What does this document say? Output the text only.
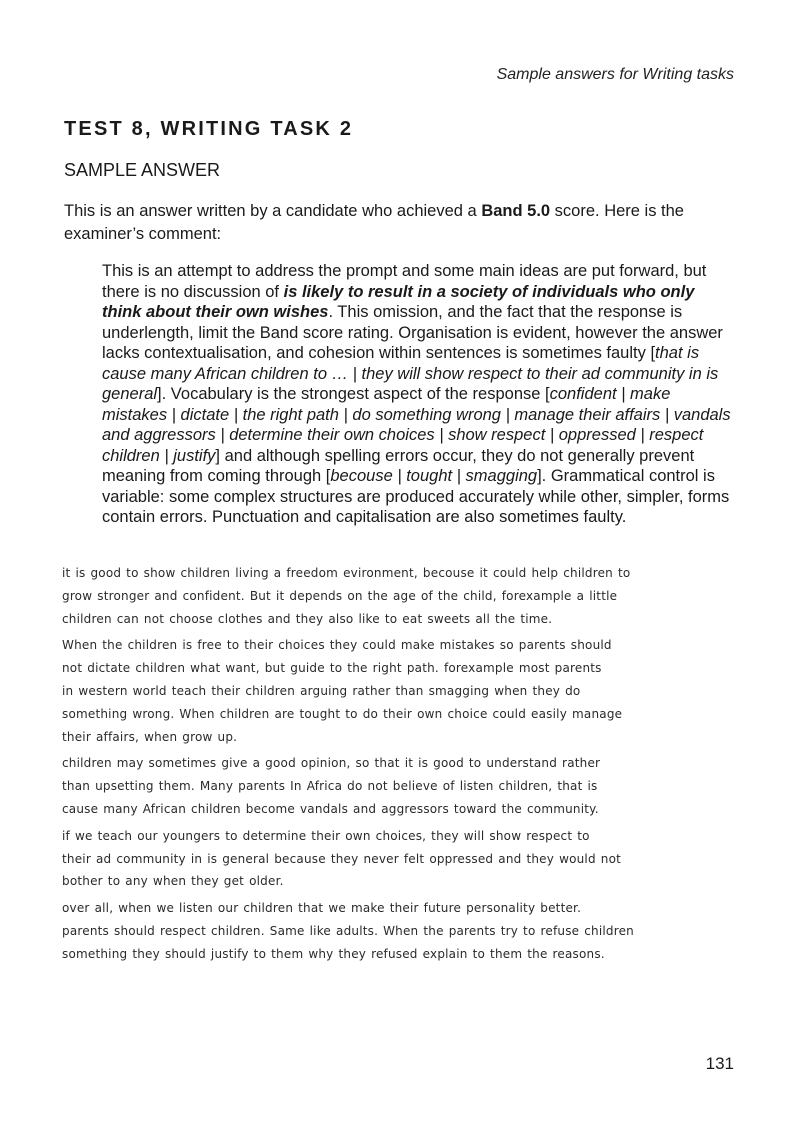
Sample answers for Writing tasks
TEST 8, WRITING TASK 2
SAMPLE ANSWER

This is an answer written by a candidate who achieved a Band 5.0 score. Here is the examiner’s comment:

This is an attempt to address the prompt and some main ideas are put forward, but there is no discussion of is likely to result in a society of individuals who only think about their own wishes. This omission, and the fact that the response is underlength, limit the Band score rating. Organisation is evident, however the answer lacks contextualisation, and cohesion within sentences is sometimes faulty [that is cause many African children to … | they will show respect to their ad community in is general]. Vocabulary is the strongest aspect of the response [confident | make mistakes | dictate | the right path | do something wrong | manage their affairs | vandals and aggressors | determine their own choices | show respect | oppressed | respect children | justify] and although spelling errors occur, they do not generally prevent meaning from coming through [becouse | tought | smagging]. Grammatical control is variable: some complex structures are produced accurately while other, simpler, forms contain errors. Punctuation and capitalisation are also sometimes faulty.

it is good to show children living a freedom evironment, becouse it could help children to
grow stronger and confident. But it depends on the age of the child, forexample a little
children can not choose clothes and they also like to eat sweets all the time.
When the children is free to their choices they could make mistakes so parents should
not dictate children what want, but guide to the right path. forexample most parents
in western world teach their children arguing rather than smagging when they do
something wrong. When children are tought to do their own choice could easily manage
their affairs, when grow up.
children may sometimes give a good opinion, so that it is good to understand rather
than upsetting them. Many parents In Africa do not believe of listen children, that is
cause many African children become vandals and aggressors toward the community.
if we teach our youngers to determine their own choices, they will show respect to
their ad community in is general because they never felt oppressed and they would not
bother to any when they get older.
over all, when we listen our children that we make their future personality better.
parents should respect children. Same like adults. When the parents try to refuse children
something they should justify to them why they refused explain to them the reasons.
131
